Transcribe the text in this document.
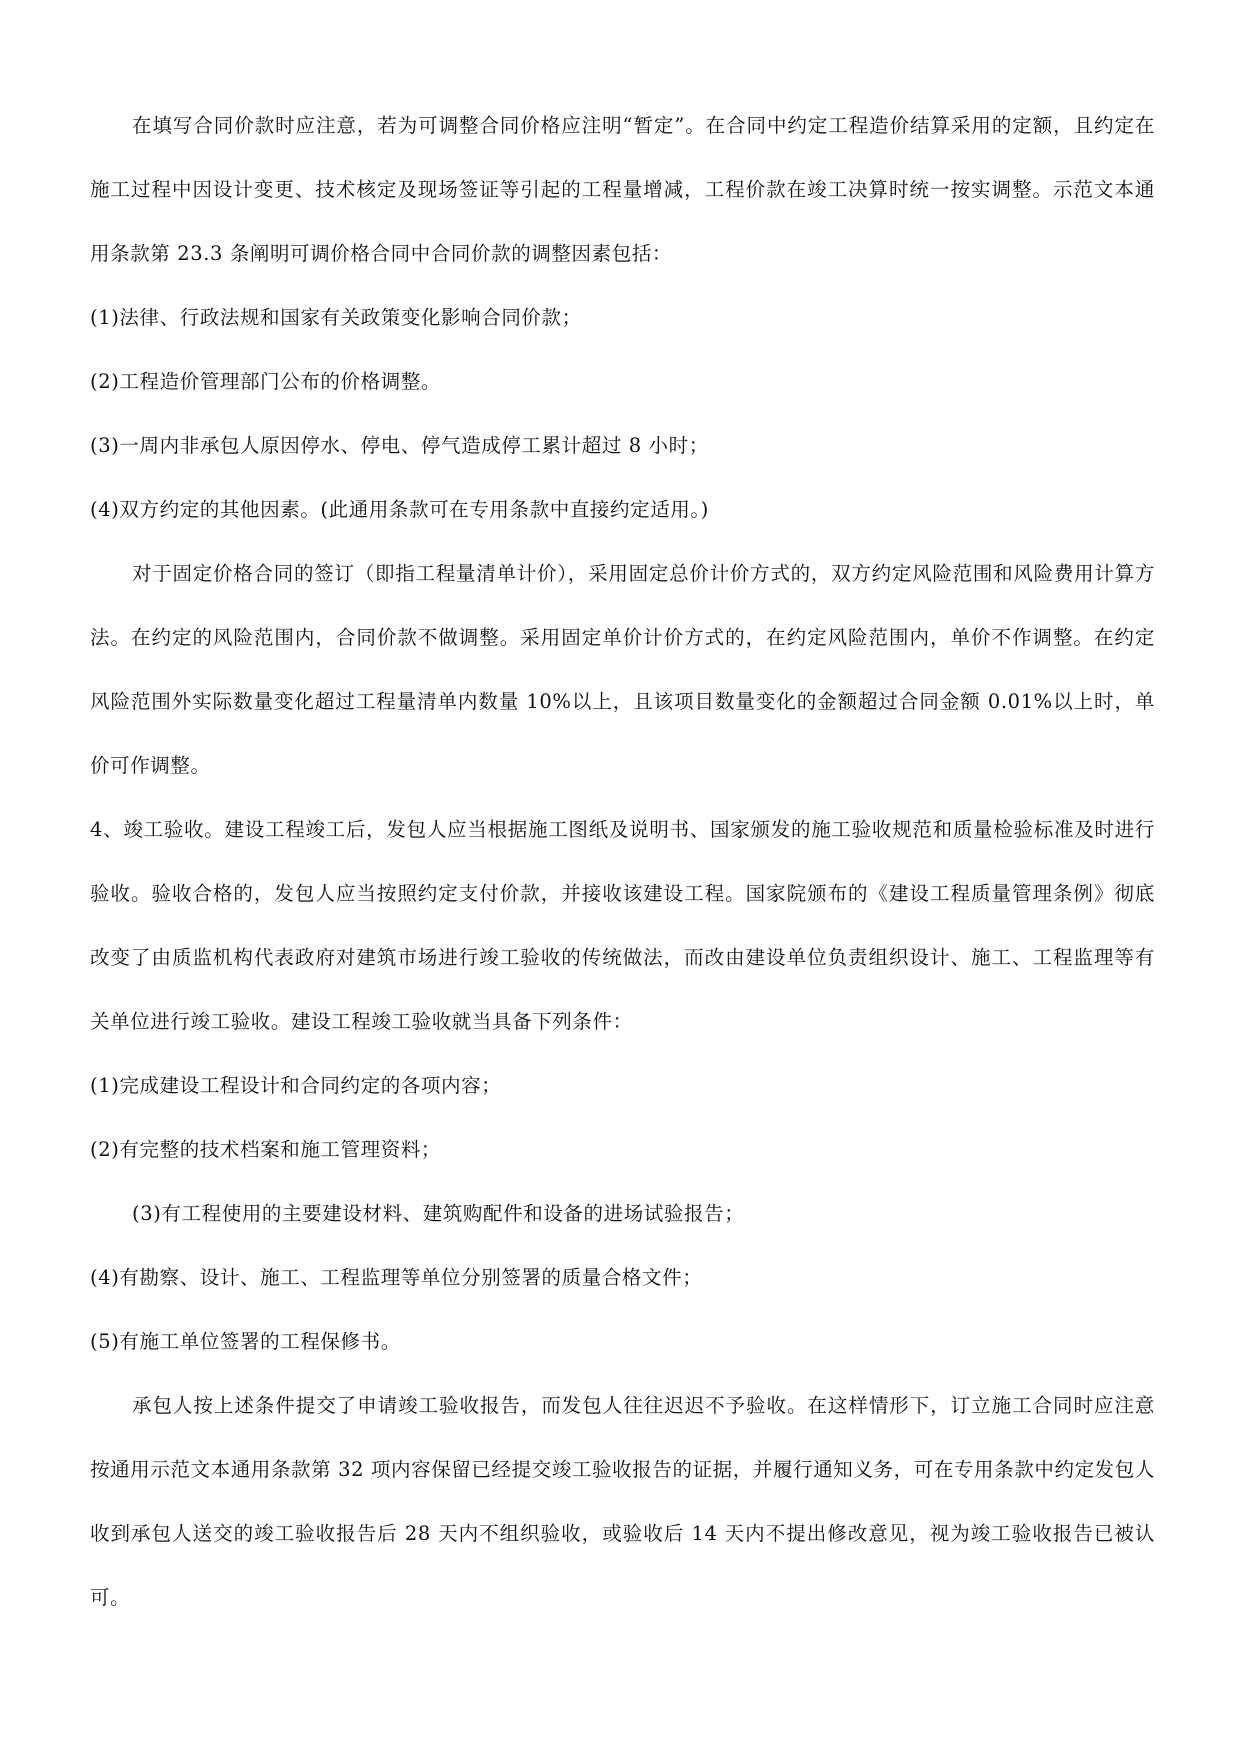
在填写合同价款时应注意，若为可调整合同价格应注明“暂定”。在合同中约定工程造价结算采用的定额，且约定在施工过程中因设计变更、技术核定及现场签证等引起的工程量增减，工程价款在竣工决算时统一按实调整。示范文本通用条款第 23.3 条阐明可调价格合同中合同价款的调整因素包括：

(1)法律、行政法规和国家有关政策变化影响合同价款；

(2)工程造价管理部门公布的价格调整。

(3)一周内非承包人原因停水、停电、停气造成停工累计超过 8 小时；

(4)双方约定的其他因素。(此通用条款可在专用条款中直接约定适用。)

对于固定价格合同的签订（即指工程量清单计价），采用固定总价计价方式的，双方约定风险范围和风险费用计算方法。在约定的风险范围内，合同价款不做调整。采用固定单价计价方式的，在约定风险范围内，单价不作调整。在约定风险范围外实际数量变化超过工程量清单内数量 10%以上，且该项目数量变化的金额超过合同金额 0.01%以上时，单价可作调整。

4、竣工验收。建设工程竣工后，发包人应当根据施工图纸及说明书、国家颁发的施工验收规范和质量检验标准及时进行验收。验收合格的，发包人应当按照约定支付价款，并接收该建设工程。国家院颁布的《建设工程质量管理条例》彻底改变了由质监机构代表政府对建筑市场进行竣工验收的传统做法，而改由建设单位负责组织设计、施工、工程监理等有关单位进行竣工验收。建设工程竣工验收就当具备下列条件：

(1)完成建设工程设计和合同约定的各项内容；

(2)有完整的技术档案和施工管理资料；

(3)有工程使用的主要建设材料、建筑购配件和设备的进场试验报告；

(4)有勘察、设计、施工、工程监理等单位分别签署的质量合格文件；

(5)有施工单位签署的工程保修书。

承包人按上述条件提交了申请竣工验收报告，而发包人往往迟迟不予验收。在这样情形下，订立施工合同时应注意按通用示范文本通用条款第 32 项内容保留已经提交竣工验收报告的证据，并履行通知义务，可在专用条款中约定发包人收到承包人送交的竣工验收报告后 28 天内不组织验收，或验收后 14 天内不提出修改意见，视为竣工验收报告已被认可。
